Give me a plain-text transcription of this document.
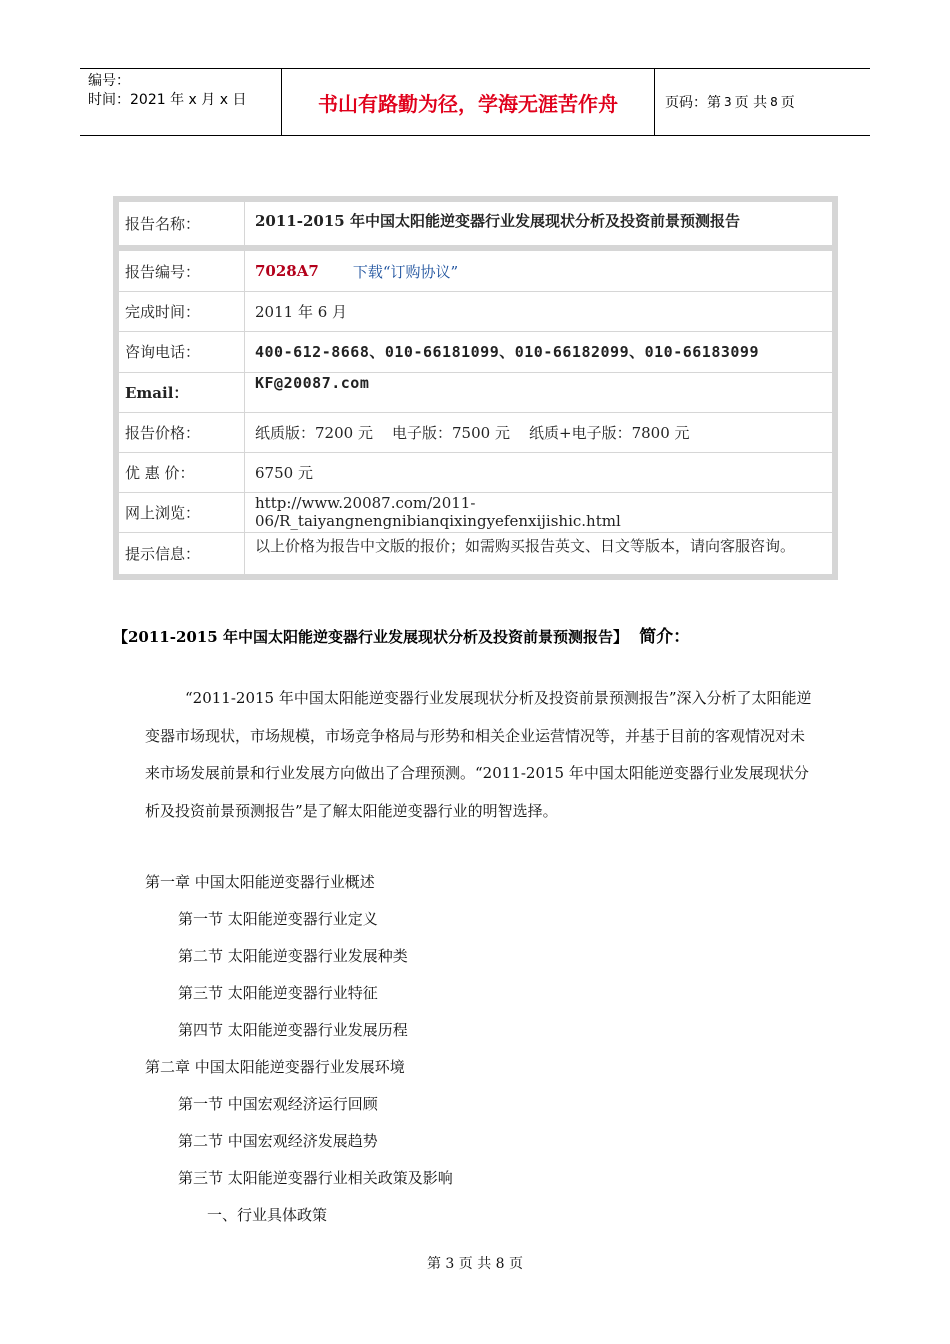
编号：
时间：2021 年 x 月 x 日	书山有路勤为径，学海无涯苦作舟	页码：第 3 页 共 8 页
报告名称：	2011-2015 年中国太阳能逆变器行业发展现状分析及投资前景预测报告
报告编号：	7028A7 下载“订购协议”
完成时间：	2011 年 6 月
咨询电话：	400-612-8668、010-66181099、010-66182099、010-66183099
Email：
KF@20087.com
报告价格：	纸质版：7200 元    电子版：7500 元    纸质+电子版：7800 元
优 惠 价：	6750 元
网上浏览：
http://www.20087.com/2011-06/R_taiyangnengnibianqixingyefenxijishic.html
提示信息：	以上价格为报告中文版的报价；如需购买报告英文、日文等版本，请向客服咨询。
【2011-2015 年中国太阳能逆变器行业发展现状分析及投资前景预测报告】 简介：
“2011-2015 年中国太阳能逆变器行业发展现状分析及投资前景预测报告”深入分析了太阳能逆变器市场现状，市场规模，市场竞争格局与形势和相关企业运营情况等，并基于目前的客观情况对未来市场发展前景和行业发展方向做出了合理预测。“2011-2015 年中国太阳能逆变器行业发展现状分析及投资前景预测报告”是了解太阳能逆变器行业的明智选择。
第一章 中国太阳能逆变器行业概述
第一节 太阳能逆变器行业定义
第二节 太阳能逆变器行业发展种类
第三节 太阳能逆变器行业特征
第四节 太阳能逆变器行业发展历程
第二章 中国太阳能逆变器行业发展环境
第一节 中国宏观经济运行回顾
第二节 中国宏观经济发展趋势
第三节 太阳能逆变器行业相关政策及影响
一、行业具体政策
第 3 页 共 8 页
